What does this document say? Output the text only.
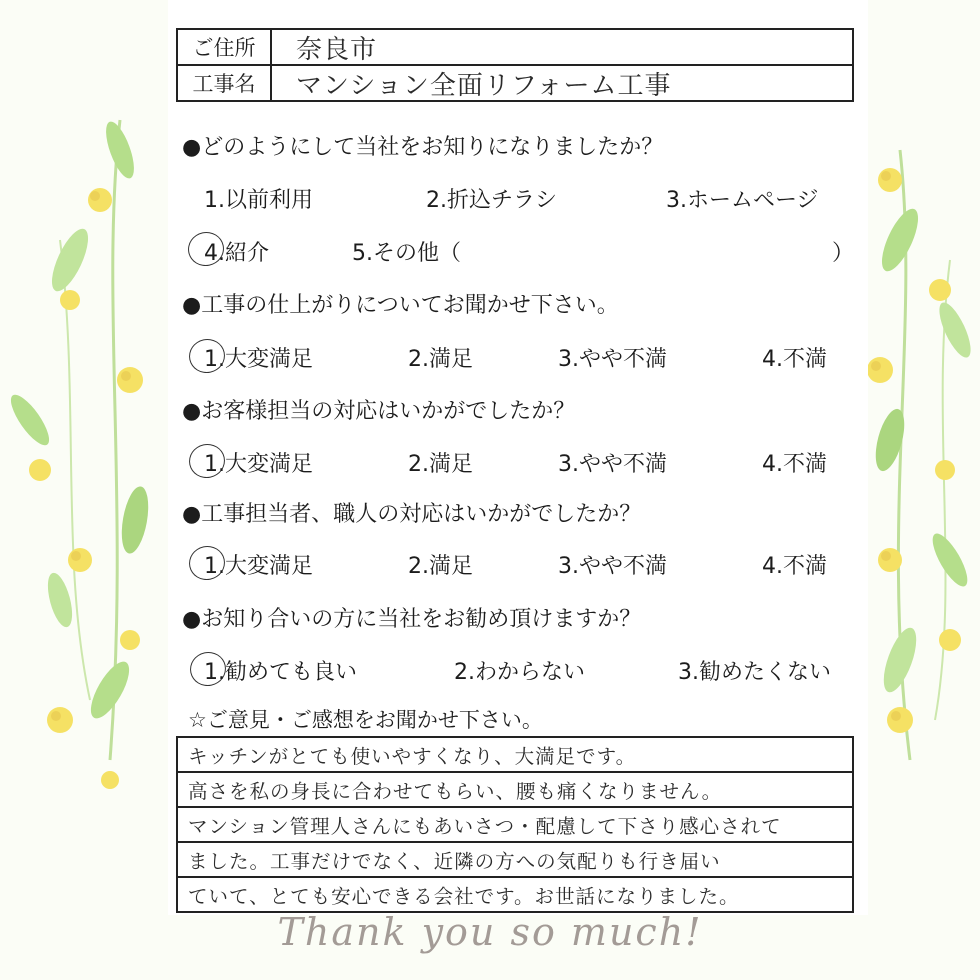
ご住所	奈良市
工事名	マンション全面リフォーム工事
●どのようにして当社をお知りになりましたか？
1.以前利用	2.折込チラシ	3.ホームページ
4.紹介	5.その他（	）
●工事の仕上がりについてお聞かせ下さい。
1.大変満足	2.満足	3.やや不満	4.不満
●お客様担当の対応はいかがでしたか？
1.大変満足	2.満足	3.やや不満	4.不満
●工事担当者、職人の対応はいかがでしたか？
1.大変満足	2.満足	3.やや不満	4.不満
●お知り合いの方に当社をお勧め頂けますか？
1.勧めても良い	2.わからない	3.勧めたくない
☆ご意見・ご感想をお聞かせ下さい。
キッチンがとても使いやすくなり、大満足です。
高さを私の身長に合わせてもらい、腰も痛くなりません。
マンション管理人さんにもあいさつ・配慮して下さり感心されて
ました。工事だけでなく、近隣の方への気配りも行き届い
ていて、とても安心できる会社です。お世話になりました。
Thank you so much!
